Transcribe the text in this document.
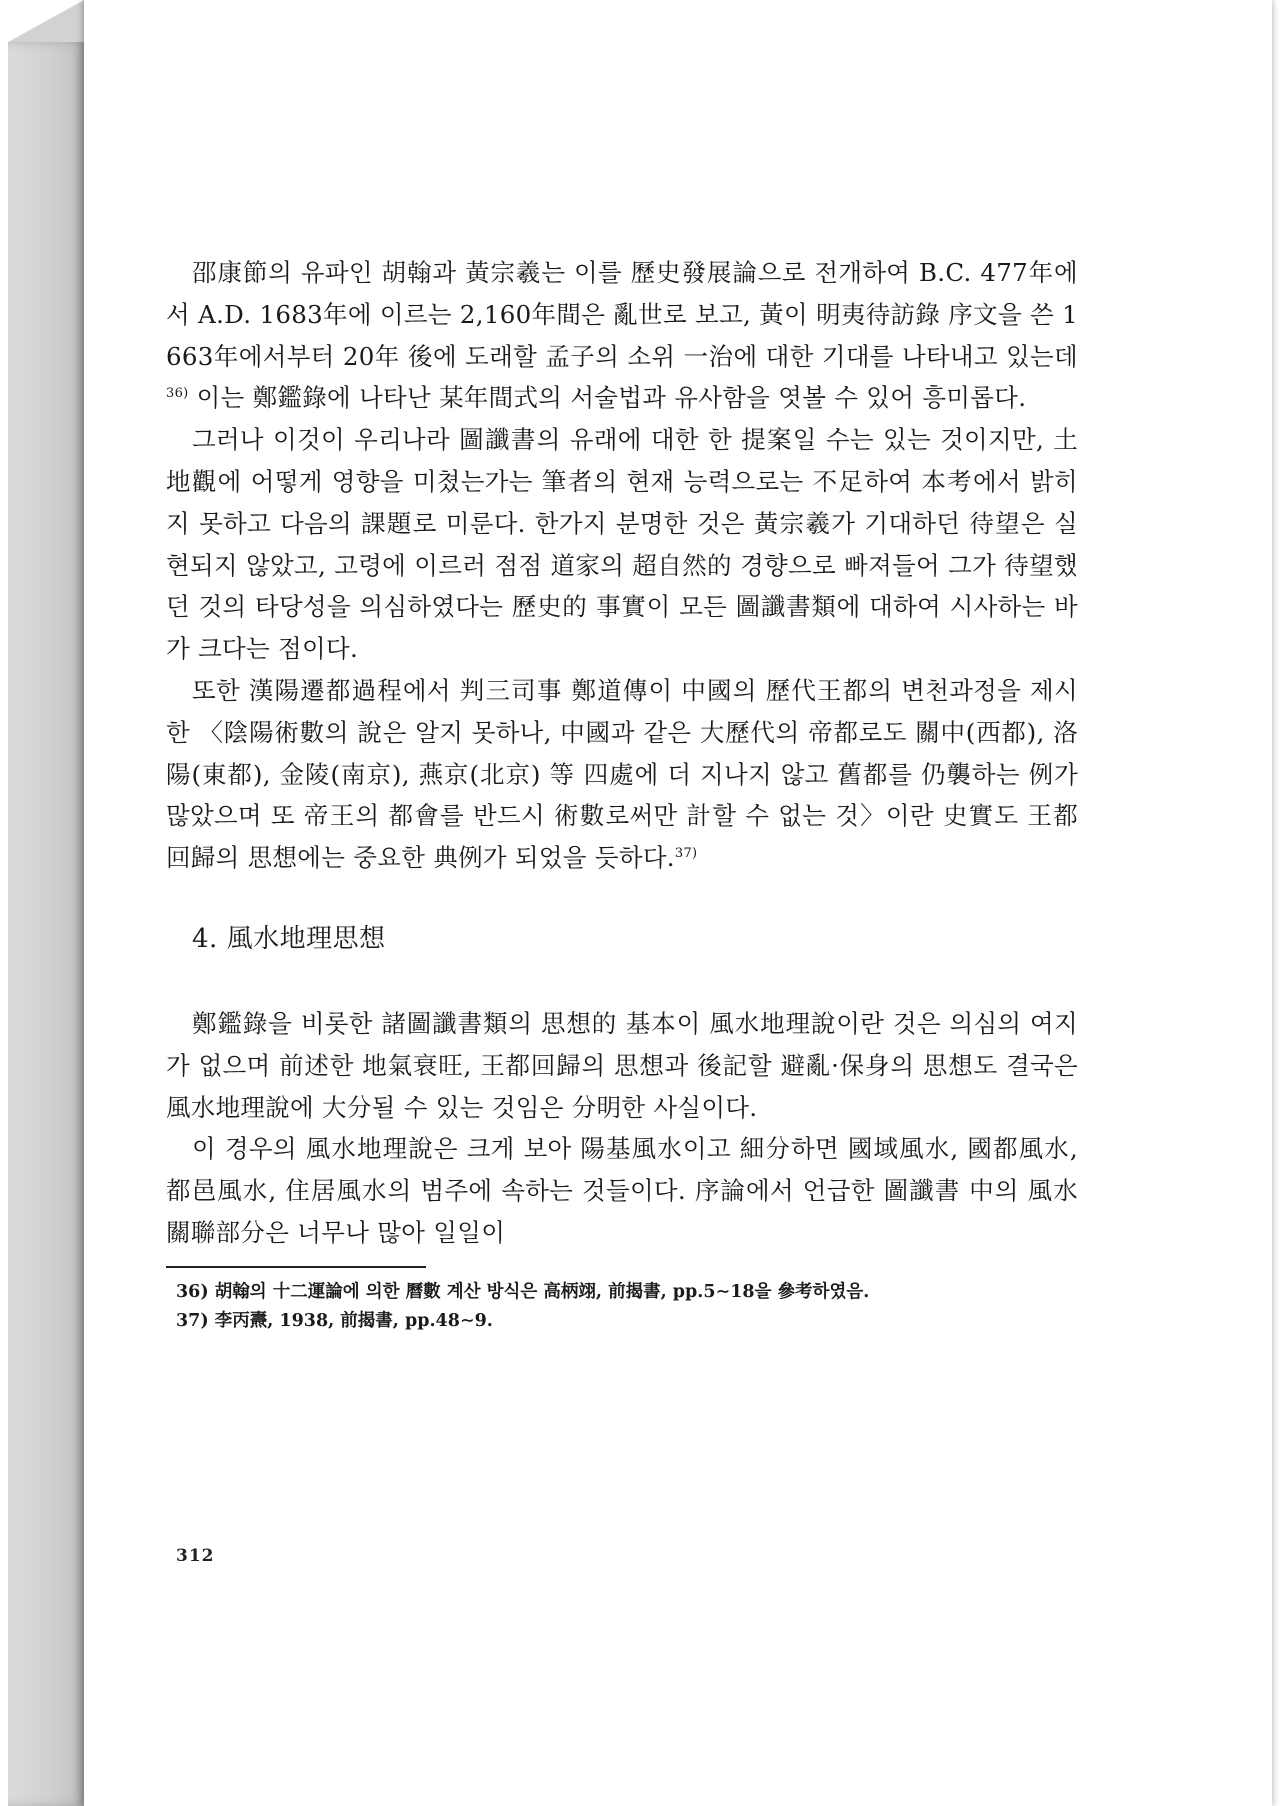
邵康節의 유파인 胡翰과 黃宗羲는 이를 歷史發展論으로 전개하여 B.C. 477年에서 A.D. 1683年에 이르는 2,160年間은 亂世로 보고, 黃이 明夷待訪錄 序文을 쓴 1663年에서부터 20年 後에 도래할 孟子의 소위 一治에 대한 기대를 나타내고 있는데$^{36)}$ 이는 鄭鑑錄에 나타난 某年間式의 서술법과 유사함을 엿볼 수 있어 흥미롭다.

그러나 이것이 우리나라 圖讖書의 유래에 대한 한 提案일 수는 있는 것이지만, 土地觀에 어떻게 영향을 미쳤는가는 筆者의 현재 능력으로는 不足하여 本考에서 밝히지 못하고 다음의 課題로 미룬다. 한가지 분명한 것은 黃宗羲가 기대하던 待望은 실현되지 않았고, 고령에 이르러 점점 道家의 超自然的 경향으로 빠져들어 그가 待望했던 것의 타당성을 의심하였다는 歷史的 事實이 모든 圖讖書類에 대하여 시사하는 바가 크다는 점이다.

또한 漢陽遷都過程에서 判三司事 鄭道傳이 中國의 歷代王都의 변천과정을 제시한 〈陰陽術數의 說은 알지 못하나, 中國과 같은 大歷代의 帝都로도 關中(西都), 洛陽(東都), 金陵(南京), 燕京(北京) 等 四處에 더 지나지 않고 舊都를 仍襲하는 例가 많았으며 또 帝王의 都會를 반드시 術數로써만 計할 수 없는 것〉이란 史實도 王都回歸의 思想에는 중요한 典例가 되었을 듯하다.$^{37)}$

4. 風水地理思想

鄭鑑錄을 비롯한 諸圖讖書類의 思想的 基本이 風水地理說이란 것은 의심의 여지가 없으며 前述한 地氣衰旺, 王都回歸의 思想과 後記할 避亂·保身의 思想도 결국은 風水地理說에 大分될 수 있는 것임은 分明한 사실이다.

이 경우의 風水地理說은 크게 보아 陽基風水이고 細分하면 國域風水, 國都風水, 都邑風水, 住居風水의 범주에 속하는 것들이다. 序論에서 언급한 圖讖書 中의 風水關聯部分은 너무나 많아 일일이

36) 胡翰의 十二運論에 의한 曆數 계산 방식은 高柄翊, 前揭書, pp.5∼18을 參考하였음.

37) 李丙燾, 1938, 前揭書, pp.48∼9.

312
